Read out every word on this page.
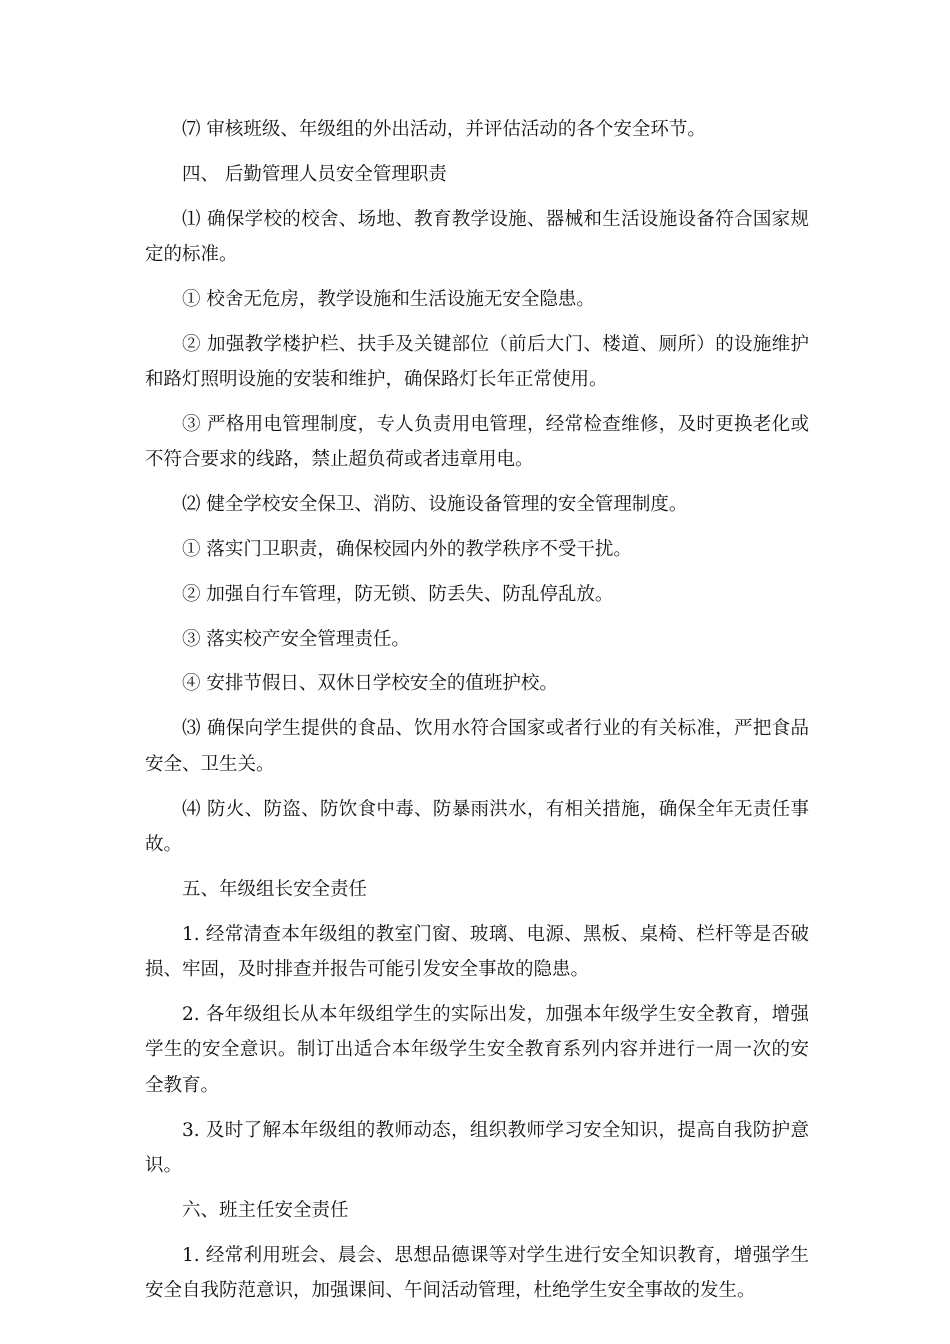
⑺ 审核班级、年级组的外出活动，并评估活动的各个安全环节。

四、 后勤管理人员安全管理职责

⑴ 确保学校的校舍、场地、教育教学设施、器械和生活设施设备符合国家规定的标准。

① 校舍无危房，教学设施和生活设施无安全隐患。

② 加强教学楼护栏、扶手及关键部位（前后大门、楼道、厕所）的设施维护和路灯照明设施的安装和维护，确保路灯长年正常使用。

③ 严格用电管理制度，专人负责用电管理，经常检查维修，及时更换老化或不符合要求的线路，禁止超负荷或者违章用电。

⑵ 健全学校安全保卫、消防、设施设备管理的安全管理制度。

① 落实门卫职责，确保校园内外的教学秩序不受干扰。

② 加强自行车管理，防无锁、防丢失、防乱停乱放。

③ 落实校产安全管理责任。

④ 安排节假日、双休日学校安全的值班护校。

⑶ 确保向学生提供的食品、饮用水符合国家或者行业的有关标准，严把食品安全、卫生关。

⑷ 防火、防盗、防饮食中毒、防暴雨洪水，有相关措施，确保全年无责任事故。

五、年级组长安全责任

1. 经常清查本年级组的教室门窗、玻璃、电源、黑板、桌椅、栏杆等是否破损、牢固，及时排查并报告可能引发安全事故的隐患。

2. 各年级组长从本年级组学生的实际出发，加强本年级学生安全教育，增强学生的安全意识。制订出适合本年级学生安全教育系列内容并进行一周一次的安全教育。

3. 及时了解本年级组的教师动态，组织教师学习安全知识，提高自我防护意识。

六、班主任安全责任

1. 经常利用班会、晨会、思想品德课等对学生进行安全知识教育，增强学生安全自我防范意识，加强课间、午间活动管理，杜绝学生安全事故的发生。
